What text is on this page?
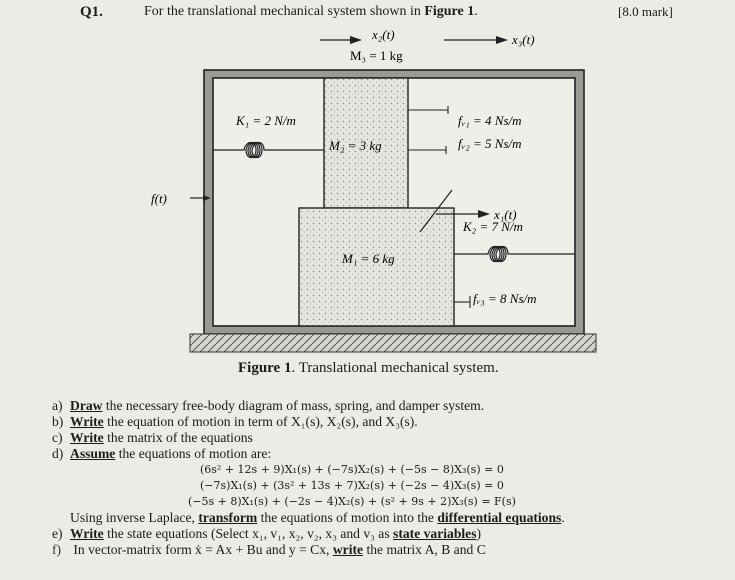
Q1.	For the translational mechanical system shown in Figure 1.	[8.0 mark]
x₂(t)	x₃(t)
M₃ = 1 kg
K₁ = 2 N/m
M₂ = 3 kg
fᵥ₁ = 4 Ns/m
fᵥ₂ = 5 Ns/m
f(t)
x₁(t)
K₂ = 7 N/m
M₁ = 6 kg
fᵥ₃ = 8 Ns/m
Figure 1. Translational mechanical system.
a) Draw the necessary free-body diagram of mass, spring, and damper system.
b) Write the equation of motion in term of X₁(s), X₂(s), and X₃(s).
c) Write the matrix of the equations
d) Assume the equations of motion are:
(6s² + 12s + 9)X₁(s) + (−7s)X₂(s) + (−5s − 8)X₃(s) = 0
(−7s)X₁(s) + (3s² + 13s + 7)X₂(s) + (−2s − 4)X₃(s) = 0
(−5s + 8)X₁(s) + (−2s − 4)X₂(s) + (s² + 9s + 2)X₃(s) = F(s)
Using inverse Laplace, transform the equations of motion into the differential equations.
e) Write the state equations (Select x₁, v₁, x₂, v₂, x₃ and v₃ as state variables)
f) In vector-matrix form ẋ = Ax + Bu and y = Cx, write the matrix A, B and C
